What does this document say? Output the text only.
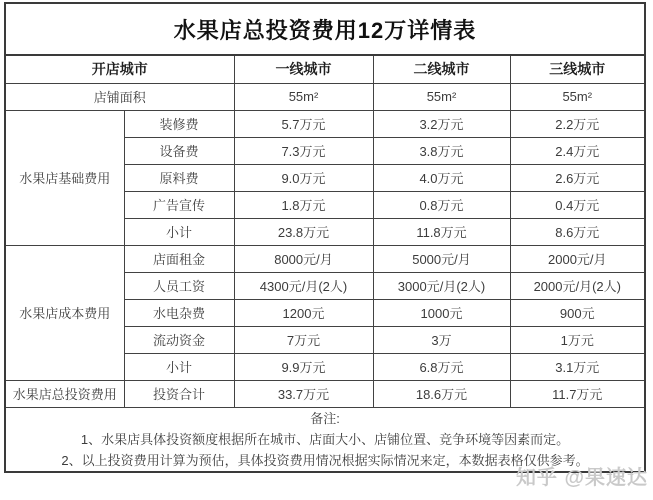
水果店总投资费用12万详情表				
开店城市		一线城市	二线城市	三线城市
店铺面积		55m²	55m²	55m²
水果店基础费用	装修费	5.7万元	3.2万元	2.2万元
	设备费	7.3万元	3.8万元	2.4万元
	原料费	9.0万元	4.0万元	2.6万元
	广告宣传	1.8万元	0.8万元	0.4万元
	小计	23.8万元	11.8万元	8.6万元
水果店成本费用	店面租金	8000元/月	5000元/月	2000元/月
	人员工资	4300元/月(2人)	3000元/月(2人)	2000元/月(2人)
	水电杂费	1200元	1000元	900元
	流动资金	7万元	3万	1万元
	小计	9.9万元	6.8万元	3.1万元
水果店总投资费用	投资合计	33.7万元	18.6万元	11.7万元

备注:
1、水果店具体投资额度根据所在城市、店面大小、店铺位置、竞争环境等因素而定。
2、以上投资费用计算为预估，具体投资费用情况根据实际情况来定，本数据表格仅供参考。				
知乎 @果速达
